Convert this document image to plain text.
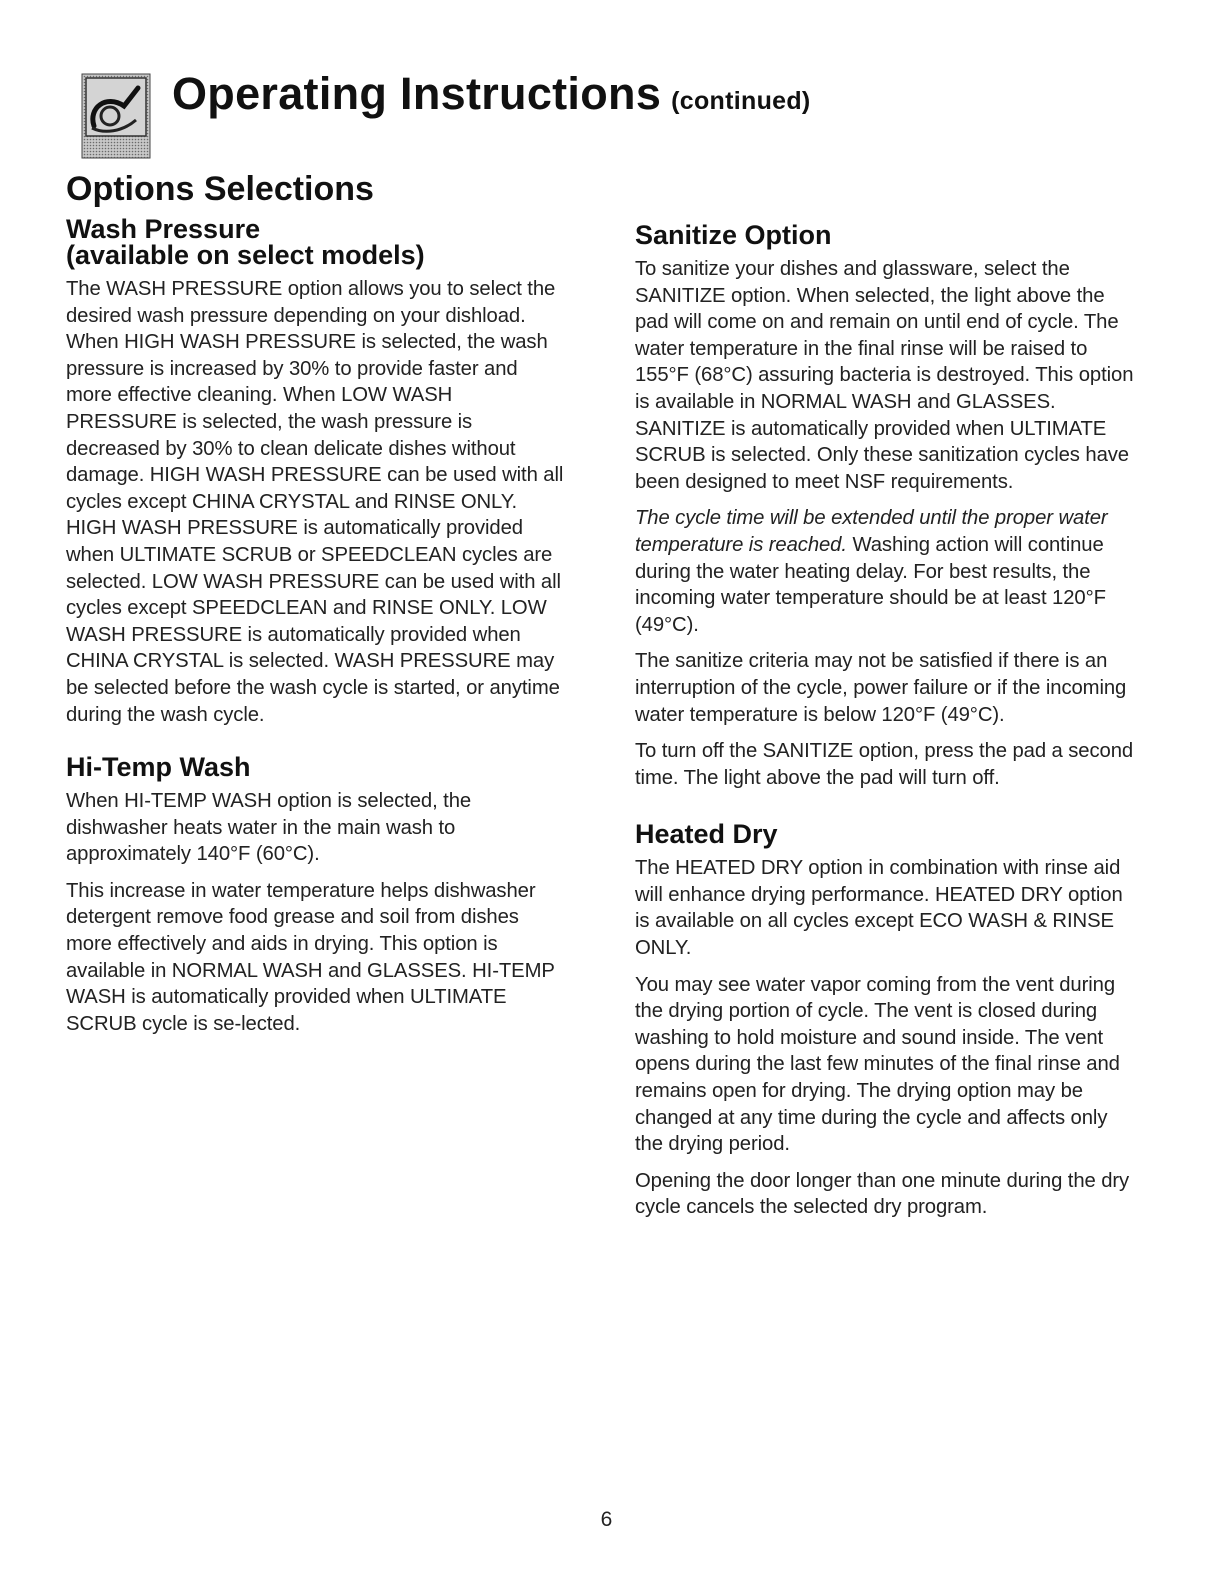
Operating Instructions (continued)
Options Selections
Wash Pressure
(available on select models)

The WASH PRESSURE option allows you to select the desired wash pressure depending on your dishload. When HIGH WASH PRESSURE is selected, the wash pressure is increased by 30% to provide faster and more effective cleaning. When LOW WASH PRESSURE is selected, the wash pressure is decreased by 30% to clean delicate dishes without damage. HIGH WASH PRESSURE can be used with all cycles except CHINA CRYSTAL and RINSE ONLY. HIGH WASH PRESSURE is automatically provided when ULTIMATE SCRUB or SPEEDCLEAN cycles are selected. LOW WASH PRESSURE can be used with all cycles except SPEEDCLEAN and RINSE ONLY. LOW WASH PRESSURE is automatically provided when CHINA CRYSTAL is selected. WASH PRESSURE may be selected before the wash cycle is started, or anytime during the wash cycle.

Hi-Temp Wash

When HI-TEMP WASH option is selected, the dishwasher heats water in the main wash to approximately 140°F (60°C).

This increase in water temperature helps dishwasher detergent remove food grease and soil from dishes more effectively and aids in drying. This option is available in NORMAL WASH and GLASSES. HI-TEMP WASH is automatically provided when ULTIMATE SCRUB cycle is se-lected.

Sanitize Option

To sanitize your dishes and glassware, select the SANITIZE option. When selected, the light above the pad will come on and remain on until end of cycle. The water temperature in the final rinse will be raised to 155°F (68°C) assuring bacteria is destroyed. This option is available in NORMAL WASH and GLASSES. SANITIZE is automatically provided when ULTIMATE SCRUB is selected. Only these sanitization cycles have been designed to meet NSF requirements.

The cycle time will be extended until the proper water temperature is reached. Washing action will continue during the water heating delay. For best results, the incoming water temperature should be at least 120°F (49°C).

The sanitize criteria may not be satisfied if there is an interruption of the cycle, power failure or if the incoming water temperature is below 120°F (49°C).

To turn off the SANITIZE option, press the pad a second time. The light above the pad will turn off.

Heated Dry

The HEATED DRY option in combination with rinse aid will enhance drying performance. HEATED DRY option is available on all cycles except ECO WASH & RINSE ONLY.

You may see water vapor coming from the vent during the drying portion of cycle. The vent is closed during washing to hold moisture and sound inside. The vent opens during the last few minutes of the final rinse and remains open for drying. The drying option may be changed at any time during the cycle and affects only the drying period.

Opening the door longer than one minute during the dry cycle cancels the selected dry program.

6
